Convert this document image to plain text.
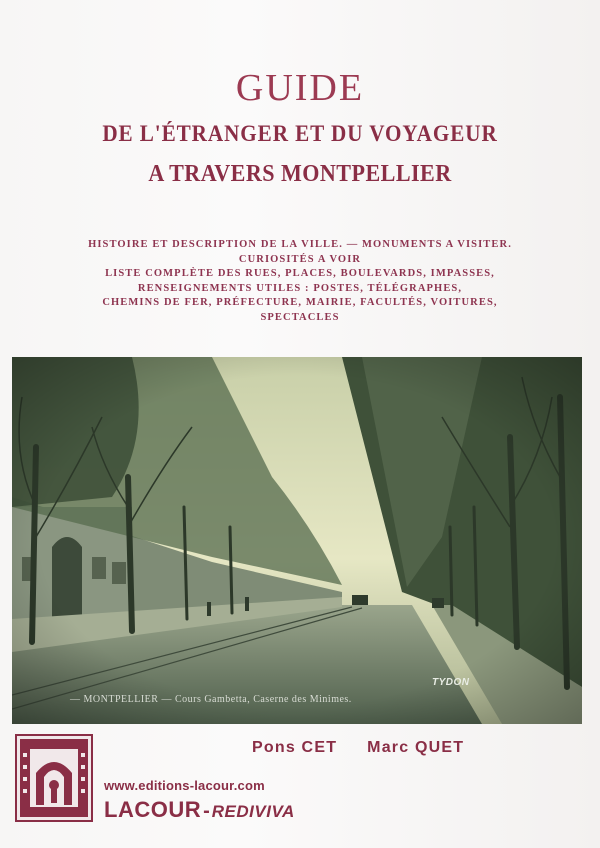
GUIDE
DE L'ÉTRANGER ET DU VOYAGEUR
A TRAVERS MONTPELLIER
HISTOIRE ET DESCRIPTION DE LA VILLE. — MONUMENTS A VISITER.
CURIOSITÉS A VOIR
LISTE COMPLÈTE DES RUES, PLACES, BOULEVARDS, IMPASSES,
RENSEIGNEMENTS UTILES : POSTES, TÉLÉGRAPHES,
CHEMINS DE FER, PRÉFECTURE, MAIRIE, FACULTÉS, VOITURES,
SPECTACLES
— MONTPELLIER — Cours Gambetta, Caserne des Minimes.
TYDON
Pons CET Marc QUET
www.editions-lacour.com
LACOUR - REDIVIVA
